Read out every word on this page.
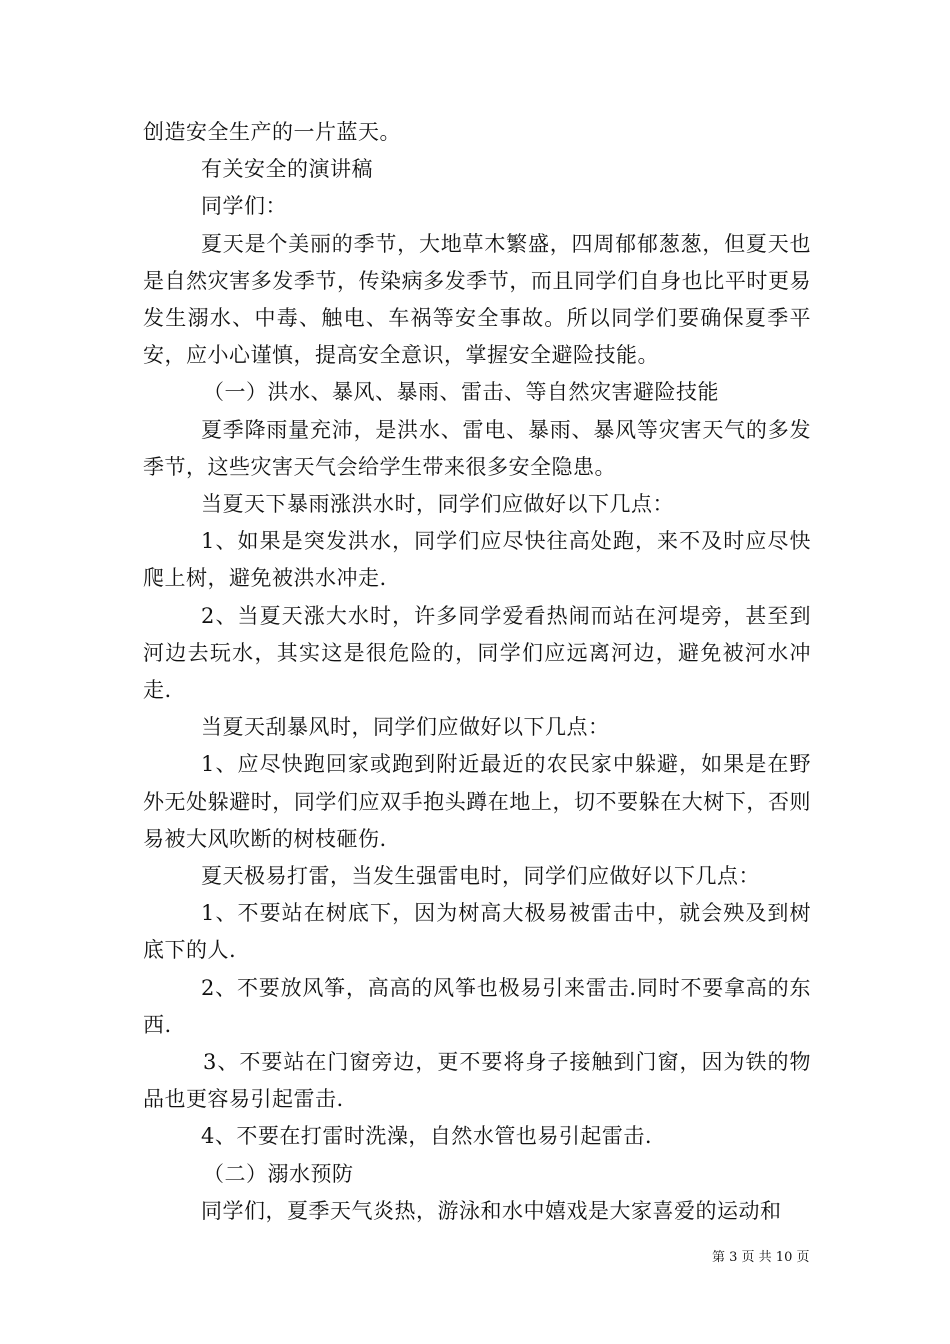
创造安全生产的一片蓝天。

有关安全的演讲稿

同学们：

夏天是个美丽的季节，大地草木繁盛，四周郁郁葱葱，但夏天也是自然灾害多发季节，传染病多发季节，而且同学们自身也比平时更易发生溺水、中毒、触电、车祸等安全事故。所以同学们要确保夏季平安，应小心谨慎，提高安全意识，掌握安全避险技能。

（一）洪水、暴风、暴雨、雷击、等自然灾害避险技能

夏季降雨量充沛，是洪水、雷电、暴雨、暴风等灾害天气的多发季节，这些灾害天气会给学生带来很多安全隐患。

当夏天下暴雨涨洪水时，同学们应做好以下几点：

1、如果是突发洪水，同学们应尽快往高处跑，来不及时应尽快爬上树，避免被洪水冲走.

2、当夏天涨大水时，许多同学爱看热闹而站在河堤旁，甚至到河边去玩水，其实这是很危险的，同学们应远离河边，避免被河水冲走.

当夏天刮暴风时，同学们应做好以下几点：

1、应尽快跑回家或跑到附近最近的农民家中躲避，如果是在野外无处躲避时，同学们应双手抱头蹲在地上，切不要躲在大树下，否则易被大风吹断的树枝砸伤.

夏天极易打雷，当发生强雷电时，同学们应做好以下几点：

1、不要站在树底下，因为树高大极易被雷击中，就会殃及到树底下的人.

2、不要放风筝，高高的风筝也极易引来雷击.同时不要拿高的东西.

3、不要站在门窗旁边，更不要将身子接触到门窗，因为铁的物品也更容易引起雷击.

4、不要在打雷时洗澡，自然水管也易引起雷击.

（二）溺水预防

同学们，夏季天气炎热，游泳和水中嬉戏是大家喜爱的运动和

第 3 页 共 10 页
